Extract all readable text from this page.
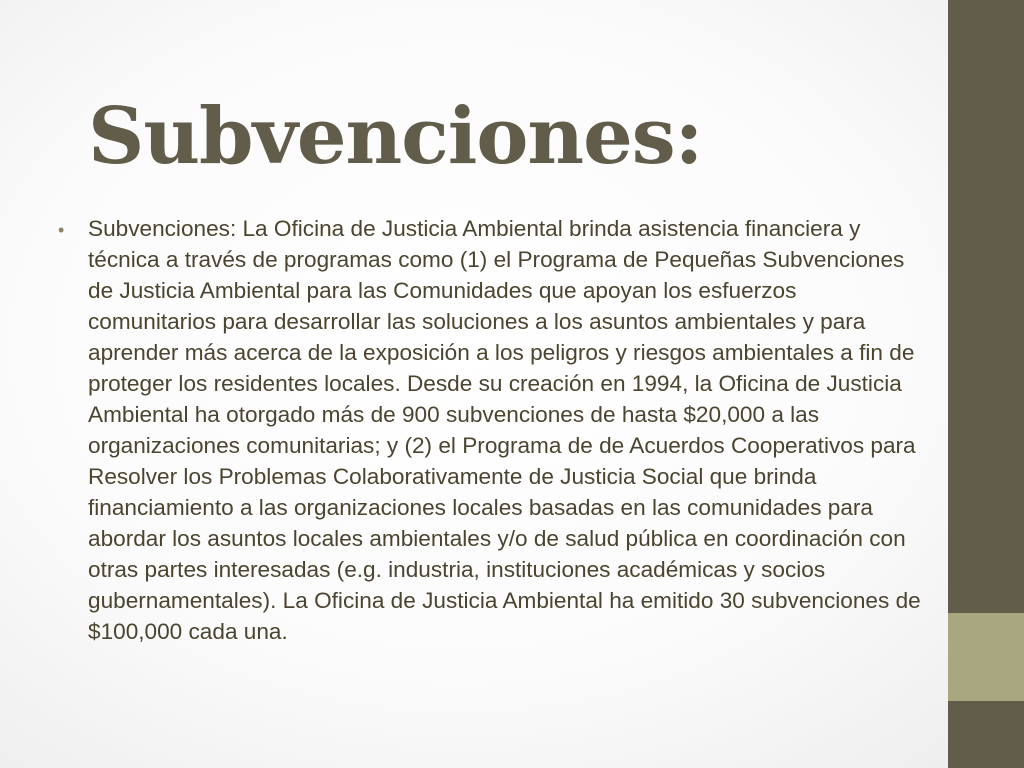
Subvenciones:
• Subvenciones: La Oficina de Justicia Ambiental brinda asistencia financiera y técnica a través de programas como (1) el Programa de Pequeñas Subvenciones de Justicia Ambiental para las Comunidades que apoyan los esfuerzos comunitarios para desarrollar las soluciones a los asuntos ambientales y para aprender más acerca de la exposición a los peligros y riesgos ambientales a fin de proteger los residentes locales. Desde su creación en 1994, la Oficina de Justicia Ambiental ha otorgado más de 900 subvenciones de hasta $20,000 a las organizaciones comunitarias; y (2) el Programa de de Acuerdos Cooperativos para Resolver los Problemas Colaborativamente de Justicia Social que brinda financiamiento a las organizaciones locales basadas en las comunidades para abordar los asuntos locales ambientales y/o de salud pública en coordinación con otras partes interesadas (e.g. industria, instituciones académicas y socios gubernamentales). La Oficina de Justicia Ambiental ha emitido 30 subvenciones de $100,000 cada una.
